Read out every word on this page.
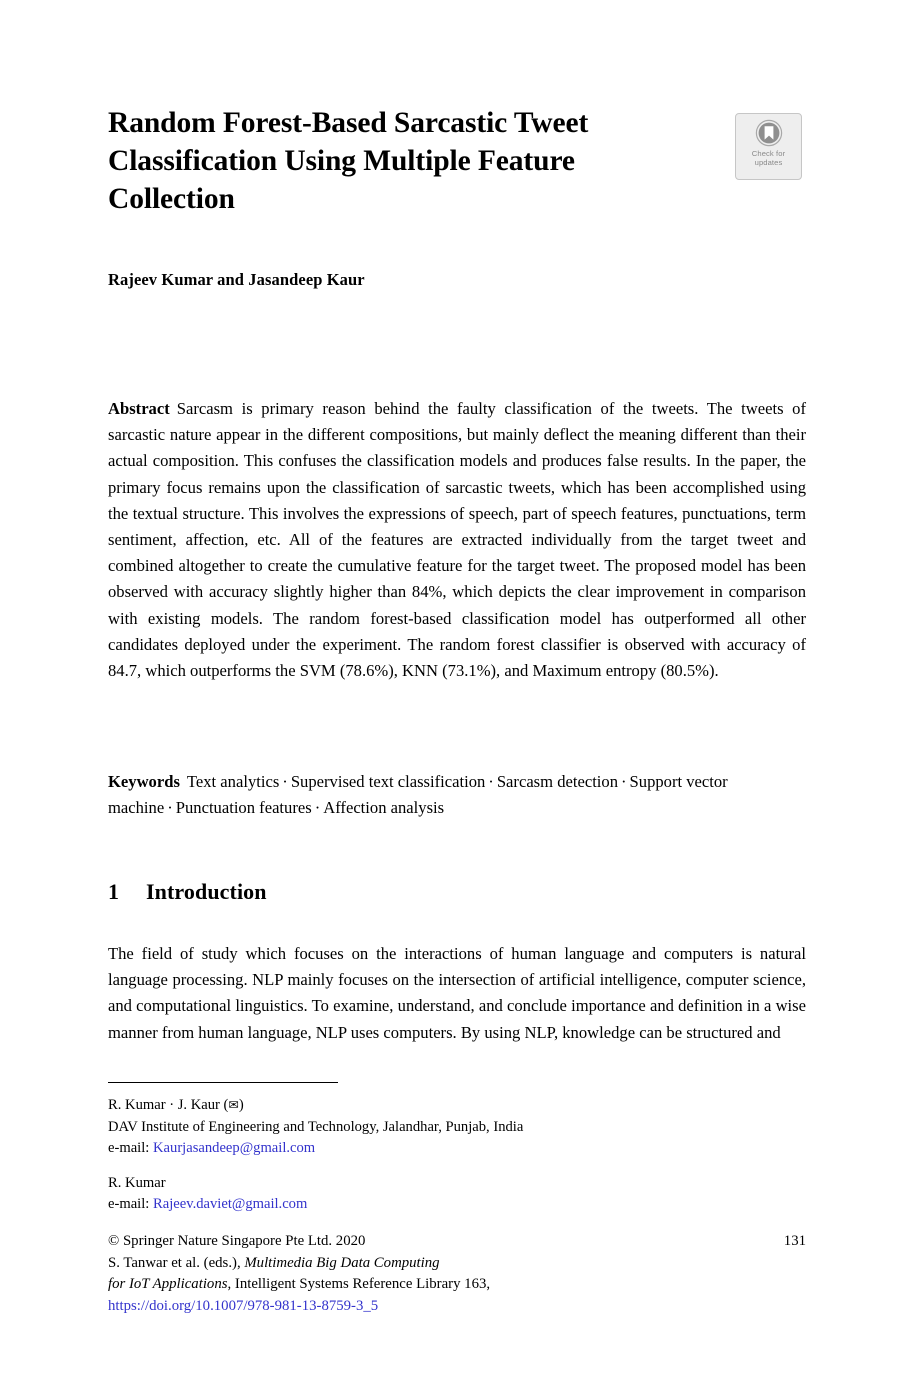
Random Forest-Based Sarcastic Tweet Classification Using Multiple Feature Collection
Check for
updates
Rajeev Kumar and Jasandeep Kaur
Abstract Sarcasm is primary reason behind the faulty classification of the tweets. The tweets of sarcastic nature appear in the different compositions, but mainly deflect the meaning different than their actual composition. This confuses the classification models and produces false results. In the paper, the primary focus remains upon the classification of sarcastic tweets, which has been accomplished using the textual structure. This involves the expressions of speech, part of speech features, punctuations, term sentiment, affection, etc. All of the features are extracted individually from the target tweet and combined altogether to create the cumulative feature for the target tweet. The proposed model has been observed with accuracy slightly higher than 84%, which depicts the clear improvement in comparison with existing models. The random forest-based classification model has outperformed all other candidates deployed under the experiment. The random forest classifier is observed with accuracy of 84.7, which outperforms the SVM (78.6%), KNN (73.1%), and Maximum entropy (80.5%).
Keywords Text analytics · Supervised text classification · Sarcasm detection · Support vector machine · Punctuation features · Affection analysis
1 Introduction
The field of study which focuses on the interactions of human language and computers is natural language processing. NLP mainly focuses on the intersection of artificial intelligence, computer science, and computational linguistics. To examine, understand, and conclude importance and definition in a wise manner from human language, NLP uses computers. By using NLP, knowledge can be structured and
R. Kumar · J. Kaur (✉)
DAV Institute of Engineering and Technology, Jalandhar, Punjab, India
e-mail: Kaurjasandeep@gmail.com
R. Kumar
e-mail: Rajeev.daviet@gmail.com
© Springer Nature Singapore Pte Ltd. 2020
S. Tanwar et al. (eds.), Multimedia Big Data Computing
for IoT Applications, Intelligent Systems Reference Library 163,
https://doi.org/10.1007/978-981-13-8759-3_5
131
